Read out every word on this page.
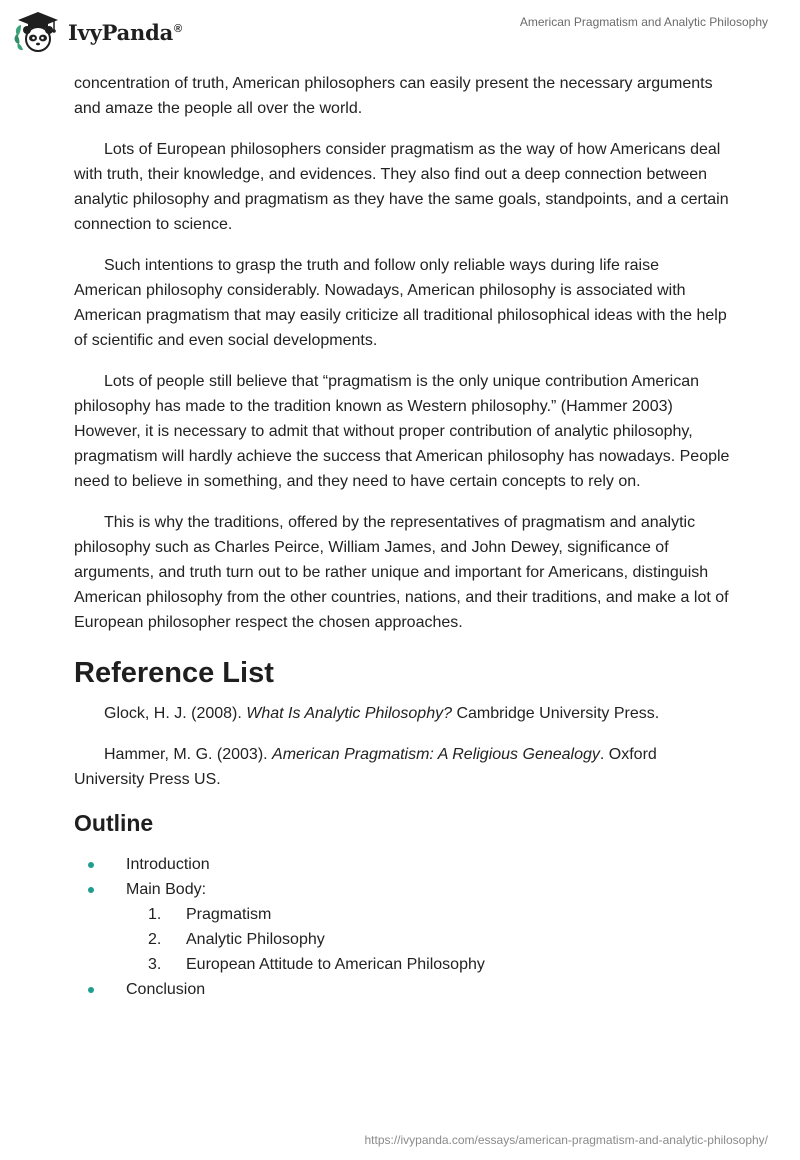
IvyPanda®	American Pragmatism and Analytic Philosophy

concentration of truth, American philosophers can easily present the necessary arguments and amaze the people all over the world.

Lots of European philosophers consider pragmatism as the way of how Americans deal with truth, their knowledge, and evidences. They also find out a deep connection between analytic philosophy and pragmatism as they have the same goals, standpoints, and a certain connection to science.

Such intentions to grasp the truth and follow only reliable ways during life raise American philosophy considerably. Nowadays, American philosophy is associated with American pragmatism that may easily criticize all traditional philosophical ideas with the help of scientific and even social developments.

Lots of people still believe that “pragmatism is the only unique contribution American philosophy has made to the tradition known as Western philosophy.” (Hammer 2003) However, it is necessary to admit that without proper contribution of analytic philosophy, pragmatism will hardly achieve the success that American philosophy has nowadays. People need to believe in something, and they need to have certain concepts to rely on.

This is why the traditions, offered by the representatives of pragmatism and analytic philosophy such as Charles Peirce, William James, and John Dewey, significance of arguments, and truth turn out to be rather unique and important for Americans, distinguish American philosophy from the other countries, nations, and their traditions, and make a lot of European philosopher respect the chosen approaches.

Reference List

Glock, H. J. (2008). What Is Analytic Philosophy? Cambridge University Press.

Hammer, M. G. (2003). American Pragmatism: A Religious Genealogy. Oxford University Press US.

Outline
Introduction
Main Body:
1. Pragmatism
2. Analytic Philosophy
3. European Attitude to American Philosophy
Conclusion
https://ivypanda.com/essays/american-pragmatism-and-analytic-philosophy/
